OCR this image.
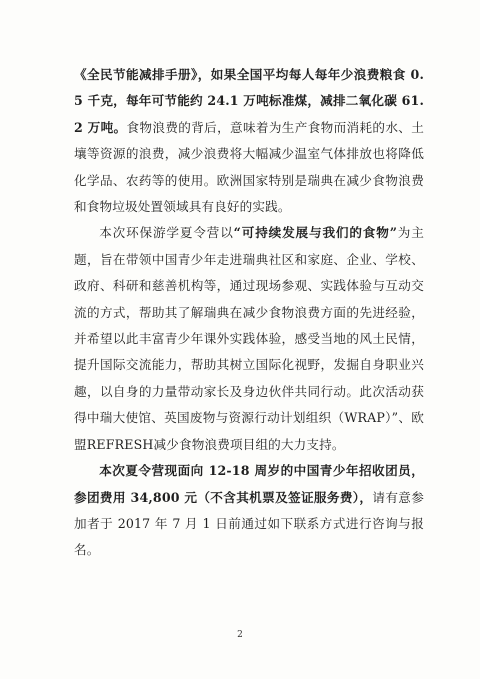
《全民节能减排手册》，如果全国平均每人每年少浪费粮食 0.5 千克，每年可节能约 24.1 万吨标准煤，减排二氧化碳 61.2 万吨。食物浪费的背后，意味着为生产食物而消耗的水、土壤等资源的浪费，减少浪费将大幅减少温室气体排放也将降低化学品、农药等的使用。欧洲国家特别是瑞典在减少食物浪费和食物垃圾处置领域具有良好的实践。

本次环保游学夏令营以“可持续发展与我们的食物”为主题，旨在带领中国青少年走进瑞典社区和家庭、企业、学校、政府、科研和慈善机构等，通过现场参观、实践体验与互动交流的方式，帮助其了解瑞典在减少食物浪费方面的先进经验，并希望以此丰富青少年课外实践体验，感受当地的风土民情，提升国际交流能力，帮助其树立国际化视野，发掘自身职业兴趣，以自身的力量带动家长及身边伙伴共同行动。此次活动获得中瑞大使馆、英国废物与资源行动计划组织（WRAP）”、欧盟REFRESH减少食物浪费项目组的大力支持。

本次夏令营现面向 12-18 周岁的中国青少年招收团员，参团费用 34,800 元（不含其机票及签证服务费），请有意参加者于 2017 年 7 月 1 日前通过如下联系方式进行咨询与报名。

2
